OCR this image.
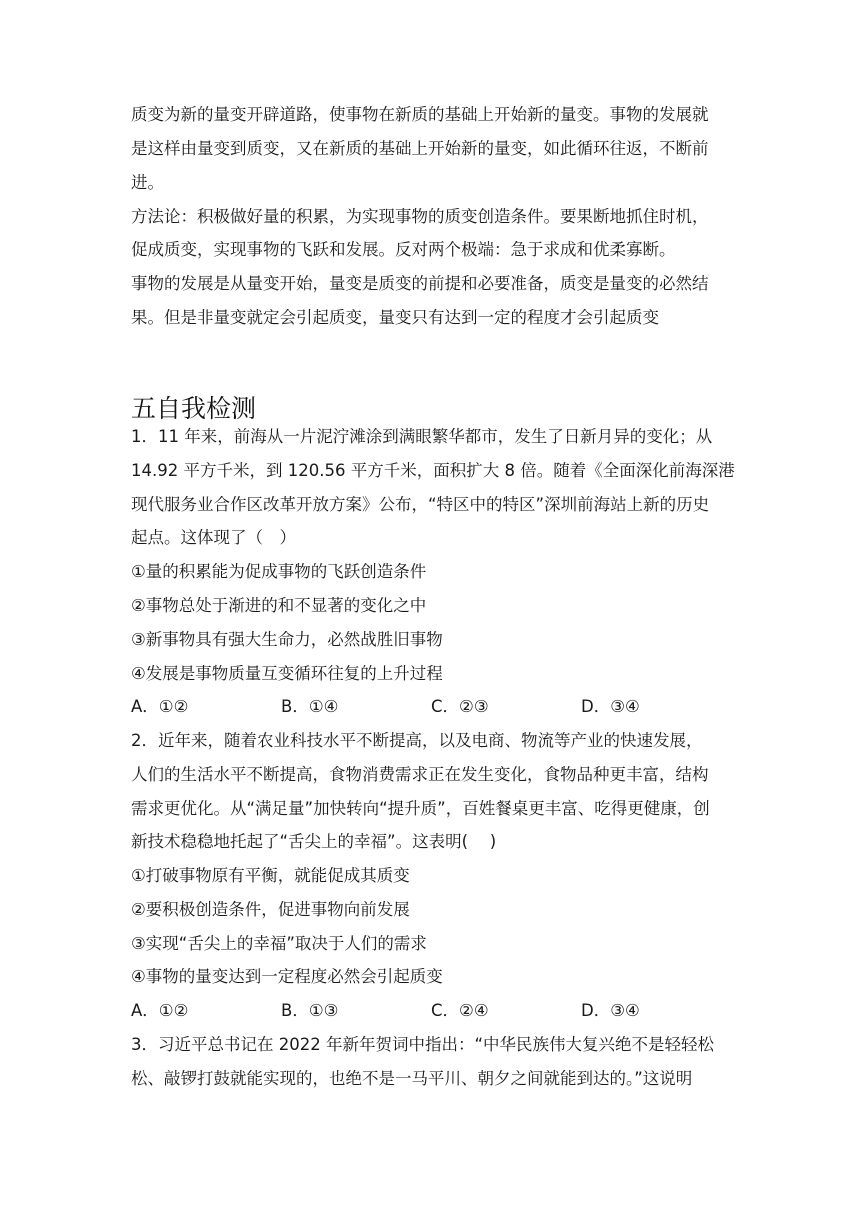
质变为新的量变开辟道路，使事物在新质的基础上开始新的量变。事物的发展就
是这样由量变到质变，又在新质的基础上开始新的量变，如此循环往返，不断前
进。
方法论：积极做好量的积累，为实现事物的质变创造条件。要果断地抓住时机，
促成质变，实现事物的飞跃和发展。反对两个极端：急于求成和优柔寡断。
事物的发展是从量变开始，量变是质变的前提和必要准备，质变是量变的必然结
果。但是非量变就定会引起质变，量变只有达到一定的程度才会引起质变
五自我检测
1．11 年来，前海从一片泥泞滩涂到满眼繁华都市，发生了日新月异的变化；从
14.92 平方千米，到 120.56 平方千米，面积扩大 8 倍。随着《全面深化前海深港
现代服务业合作区改革开放方案》公布，“特区中的特区”深圳前海站上新的历史
起点。这体现了（　）
①量的积累能为促成事物的飞跃创造条件
②事物总处于渐进的和不显著的变化之中
③新事物具有强大生命力，必然战胜旧事物
④发展是事物质量互变循环往复的上升过程
A．①②	B．①④	C．②③	D．③④
2．近年来，随着农业科技水平不断提高，以及电商、物流等产业的快速发展，
人们的生活水平不断提高，食物消费需求正在发生变化，食物品种更丰富，结构
需求更优化。从“满足量”加快转向“提升质”，百姓餐桌更丰富、吃得更健康，创
新技术稳稳地托起了“舌尖上的幸福”。这表明(　 )
①打破事物原有平衡，就能促成其质变
②要积极创造条件，促进事物向前发展
③实现“舌尖上的幸福”取决于人们的需求
④事物的量变达到一定程度必然会引起质变
A．①②	B．①③	C．②④	D．③④
3．习近平总书记在 2022 年新年贺词中指出：“中华民族伟大复兴绝不是轻轻松
松、敲锣打鼓就能实现的，也绝不是一马平川、朝夕之间就能到达的。”这说明
